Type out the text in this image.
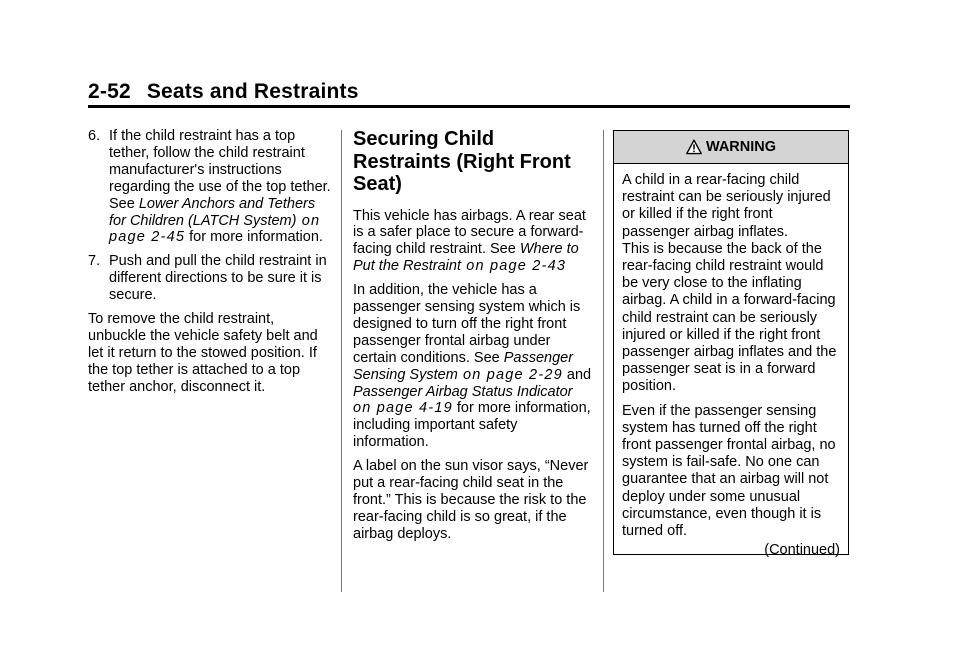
2-52 Seats and Restraints
6. If the child restraint has a top tether, follow the child restraint manufacturer's instructions regarding the use of the top tether. See Lower Anchors and Tethers for Children (LATCH System) on page 2-45 for more information.
7. Push and pull the child restraint in different directions to be sure it is secure.

To remove the child restraint, unbuckle the vehicle safety belt and let it return to the stowed position. If the top tether is attached to a top tether anchor, disconnect it.

Securing Child Restraints (Right Front Seat)

This vehicle has airbags. A rear seat is a safer place to secure a forward-facing child restraint. See Where to Put the Restraint on page 2-43

In addition, the vehicle has a passenger sensing system which is designed to turn off the right front passenger frontal airbag under certain conditions. See Passenger Sensing System on page 2-29 and Passenger Airbag Status Indicator on page 4-19 for more information, including important safety information.

A label on the sun visor says, “Never put a rear-facing child seat in the front.” This is because the risk to the rear-facing child is so great, if the airbag deploys.

WARNING

A child in a rear-facing child restraint can be seriously injured or killed if the right front passenger airbag inflates.

This is because the back of the rear-facing child restraint would be very close to the inflating airbag. A child in a forward-facing child restraint can be seriously injured or killed if the right front passenger airbag inflates and the passenger seat is in a forward position.

Even if the passenger sensing system has turned off the right front passenger frontal airbag, no system is fail-safe. No one can guarantee that an airbag will not deploy under some unusual circumstance, even though it is turned off.

(Continued)
